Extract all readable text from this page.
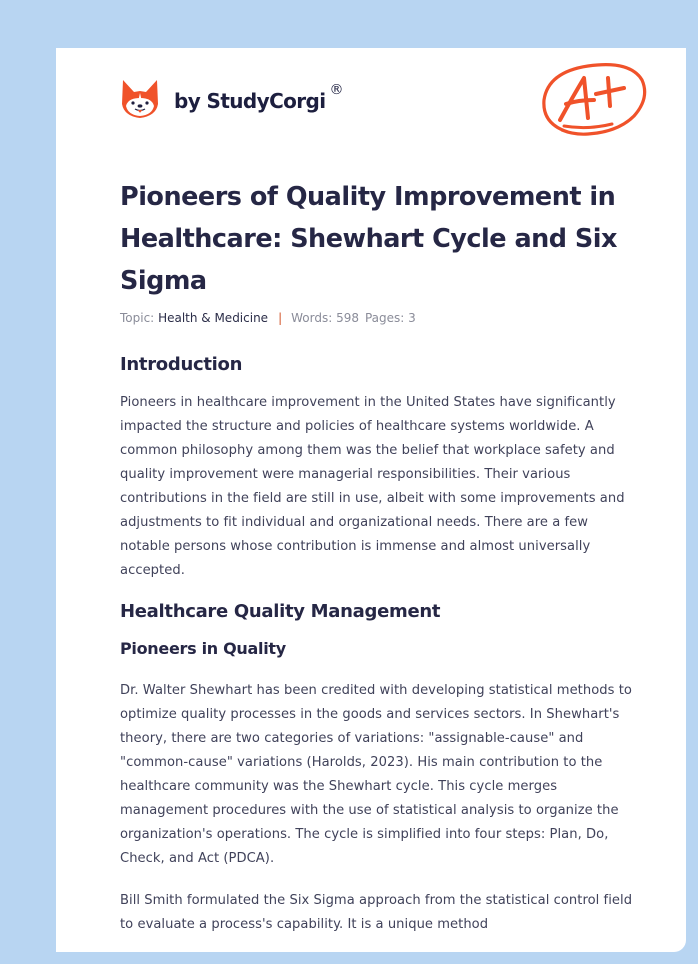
by StudyCorgi ®
Pioneers of Quality Improvement in Healthcare: Shewhart Cycle and Six Sigma
Topic: Health & Medicine | Words: 598 Pages: 3
Introduction

Pioneers in healthcare improvement in the United States have significantly impacted the structure and policies of healthcare systems worldwide. A common philosophy among them was the belief that workplace safety and quality improvement were managerial responsibilities. Their various contributions in the field are still in use, albeit with some improvements and adjustments to fit individual and organizational needs. There are a few notable persons whose contribution is immense and almost universally accepted.

Healthcare Quality Management
Pioneers in Quality

Dr. Walter Shewhart has been credited with developing statistical methods to optimize quality processes in the goods and services sectors. In Shewhart's theory, there are two categories of variations: "assignable-cause" and "common-cause" variations (Harolds, 2023). His main contribution to the healthcare community was the Shewhart cycle. This cycle merges management procedures with the use of statistical analysis to organize the organization's operations. The cycle is simplified into four steps: Plan, Do, Check, and Act (PDCA).

Bill Smith formulated the Six Sigma approach from the statistical control field to evaluate a process's capability. It is a unique method
